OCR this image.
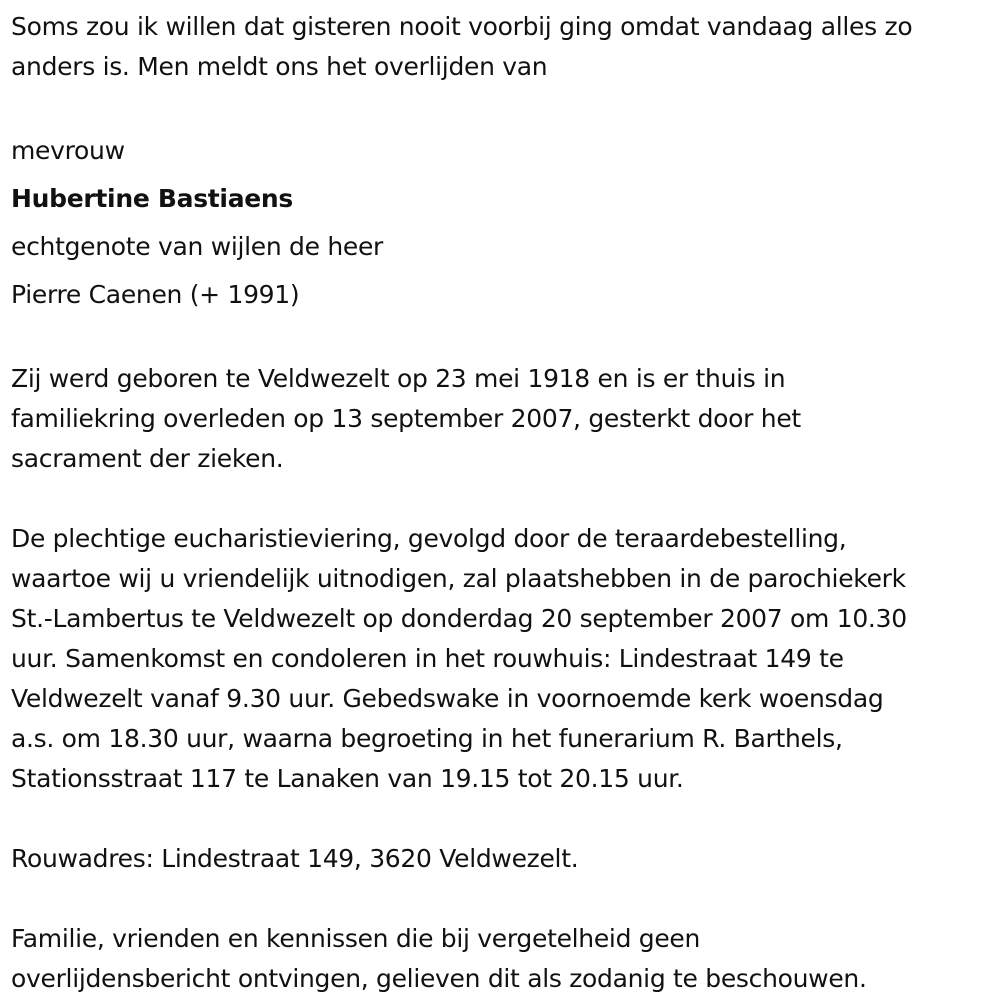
Soms zou ik willen dat gisteren nooit voorbij ging omdat vandaag alles zo

anders is. Men meldt ons het overlijden van

mevrouw

Hubertine Bastiaens

echtgenote van wijlen de heer

Pierre Caenen (+ 1991)

Zij werd geboren te Veldwezelt op 23 mei 1918 en is er thuis in

familiekring overleden op 13 september 2007, gesterkt door het

sacrament der zieken.

De plechtige eucharistieviering, gevolgd door de teraardebestelling,

waartoe wij u vriendelijk uitnodigen, zal plaatshebben in de parochiekerk

St.-Lambertus te Veldwezelt op donderdag 20 september 2007 om 10.30

uur. Samenkomst en condoleren in het rouwhuis: Lindestraat 149 te

Veldwezelt vanaf 9.30 uur. Gebedswake in voornoemde kerk woensdag

a.s. om 18.30 uur, waarna begroeting in het funerarium R. Barthels,

Stationsstraat 117 te Lanaken van 19.15 tot 20.15 uur.

Rouwadres: Lindestraat 149, 3620 Veldwezelt.

Familie, vrienden en kennissen die bij vergetelheid geen

overlijdensbericht ontvingen, gelieven dit als zodanig te beschouwen.
